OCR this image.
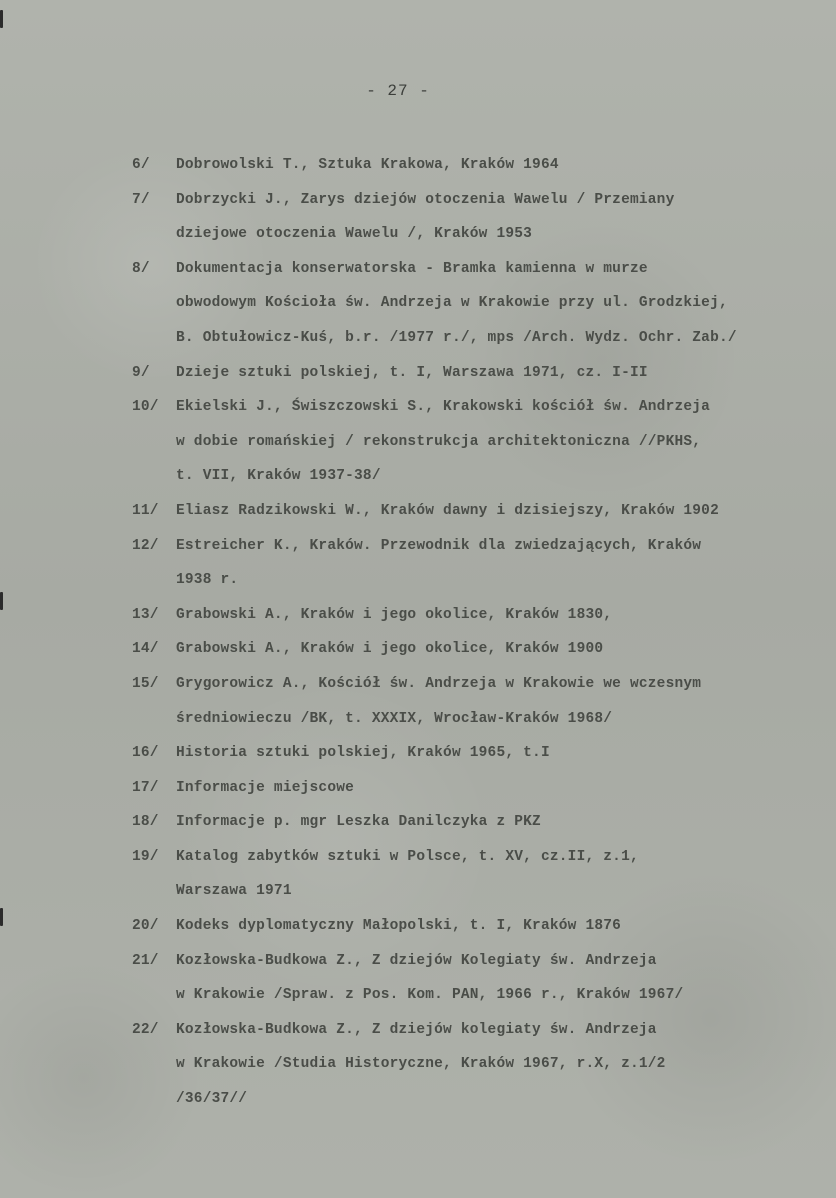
- 27 -
6/	Dobrowolski T., Sztuka Krakowa, Kraków 1964
7/	Dobrzycki J., Zarys dziejów otoczenia Wawelu / Przemiany
dziejowe otoczenia Wawelu /, Kraków 1953
8/	Dokumentacja konserwatorska - Bramka kamienna w murze
obwodowym Kościoła św. Andrzeja w Krakowie przy ul. Grodzkiej,
B. Obtułowicz-Kuś, b.r. /1977 r./, mps /Arch. Wydz. Ochr. Zab./
9/	Dzieje sztuki polskiej, t. I, Warszawa 1971, cz. I-II
10/	Ekielski J., Świszczowski S., Krakowski kościół św. Andrzeja
w dobie romańskiej / rekonstrukcja architektoniczna //PKHS,
t. VII, Kraków 1937-38/
11/	Eliasz Radzikowski W., Kraków dawny i dzisiejszy, Kraków 1902
12/	Estreicher K., Kraków. Przewodnik dla zwiedzających, Kraków
1938 r.
13/	Grabowski A., Kraków i jego okolice, Kraków 1830,
14/	Grabowski A., Kraków i jego okolice, Kraków 1900
15/	Grygorowicz A., Kościół św. Andrzeja w Krakowie we wczesnym
średniowieczu /BK, t. XXXIX, Wrocław-Kraków 1968/
16/	Historia sztuki polskiej, Kraków 1965, t.I
17/	Informacje miejscowe
18/	Informacje p. mgr Leszka Danilczyka z PKZ
19/	Katalog zabytków sztuki w Polsce, t. XV, cz.II, z.1,
Warszawa 1971
20/	Kodeks dyplomatyczny Małopolski, t. I, Kraków 1876
21/	Kozłowska-Budkowa Z., Z dziejów Kolegiaty św. Andrzeja
w Krakowie /Spraw. z Pos. Kom. PAN, 1966 r., Kraków 1967/
22/	Kozłowska-Budkowa Z., Z dziejów kolegiaty św. Andrzeja
w Krakowie /Studia Historyczne, Kraków 1967, r.X, z.1/2
/36/37//
